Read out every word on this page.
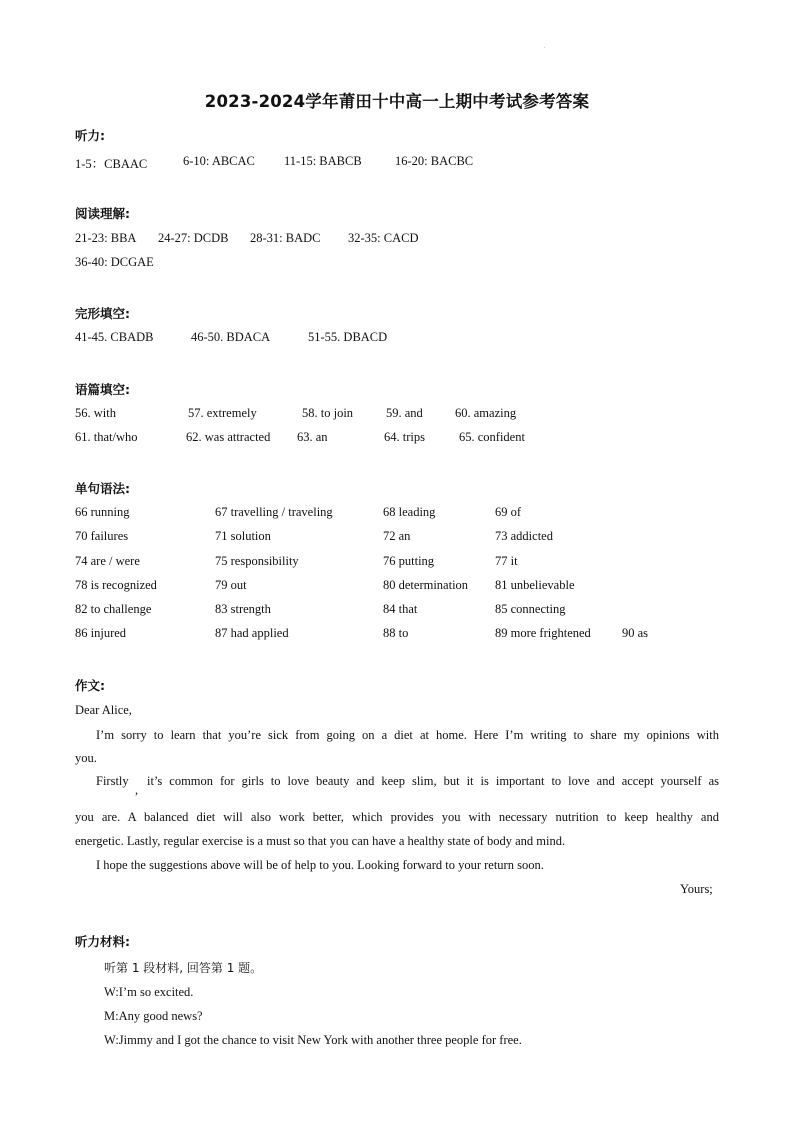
.
2023-2024学年莆田十中高一上期中考试参考答案
听力:
1-5：CBAAC	6-10: ABCAC 11-15: BABCB	16-20: BACBC
阅读理解:
21-23: BBA 24-27: DCDB 28-31: BADC 32-35: CACD
36-40: DCGAE
完形填空:
41-45. CBADB	46-50. BDACA	51-55. DBACD
语篇填空:
56. with	57. extremely	58. to join	59. and	60. amazing
61. that/who	62. was attracted 63. an	64. trips	65. confident
单句语法:
66 running	67 travelling / traveling	68 leading	69 of
70 failures	71 solution	72 an	73 addicted
74 are / were	75 responsibility	76 putting	77 it
78 is recognized	79 out	80 determination 81 unbelievable
82 to challenge	83 strength	84 that	85 connecting
86 injured	87 had applied	88 to	89 more frightened 90 as
作文:
Dear Alice,
I’m sorry to learn that you’re sick from going on a diet at home. Here I’m writing to share my opinions with
you.
Firstly
,
it’s common for girls to love beauty and keep slim, but it is important to love and accept yourself as
you are. A balanced diet will also work better, which provides you with necessary nutrition to keep healthy and
energetic. Lastly, regular exercise is a must so that you can have a healthy state of body and mind.
I hope the suggestions above will be of help to you. Looking forward to your return soon.
Yours;
听力材料:
听第 1 段材料, 回答第 1 题。
W:I’m so excited.
M:Any good news?
W:Jimmy and I got the chance to visit New York with another three people for free.
